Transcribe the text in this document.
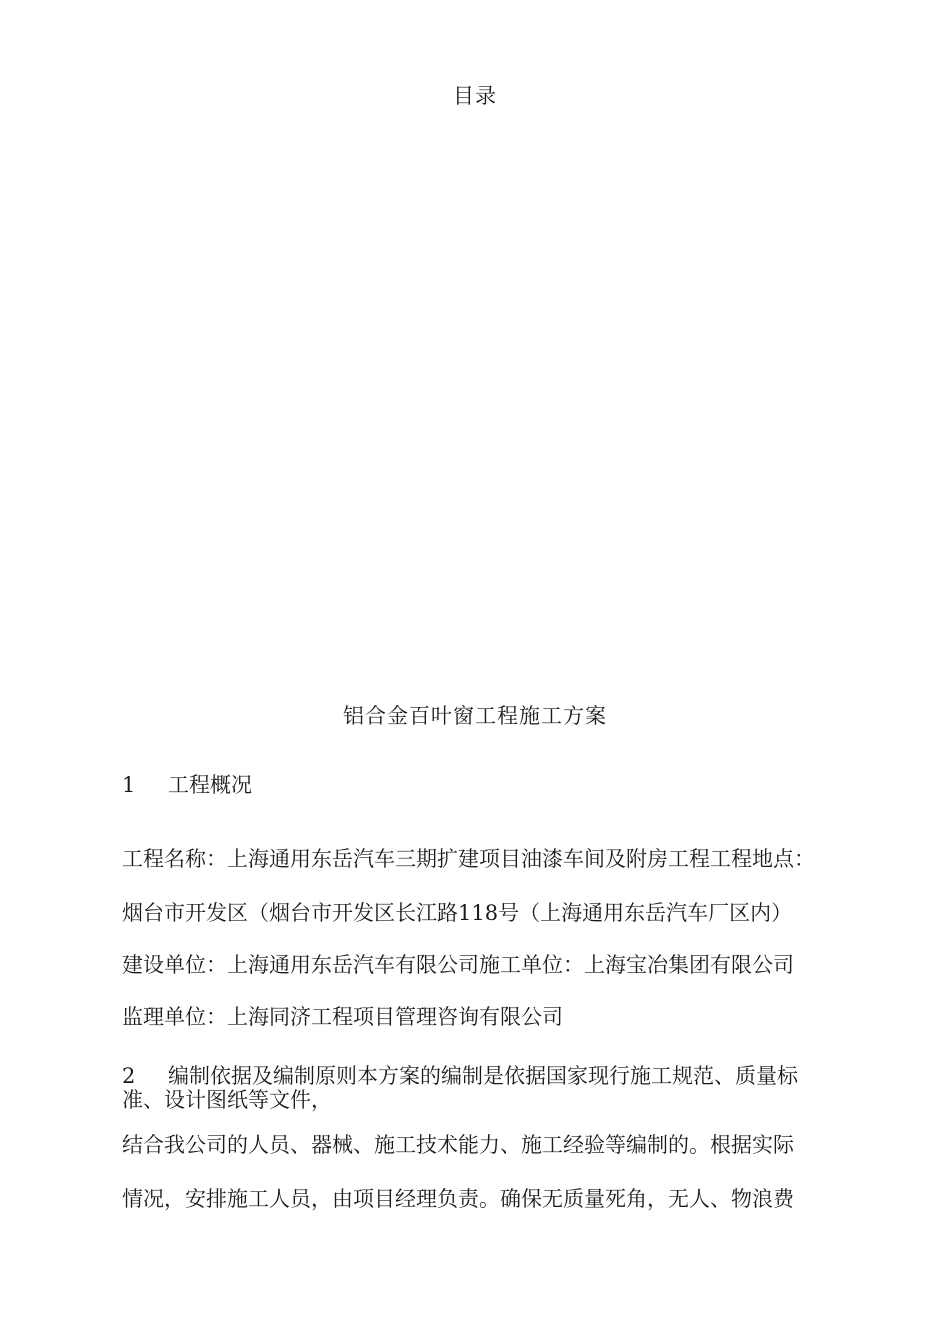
目录
铝合金百叶窗工程施工方案
1 工程概况
工程名称：上海通用东岳汽车三期扩建项目油漆车间及附房工程工程地点：
烟台市开发区（烟台市开发区长江路118号（上海通用东岳汽车厂区内）
建设单位：上海通用东岳汽车有限公司施工单位：上海宝冶集团有限公司
监理单位：上海同济工程项目管理咨询有限公司
2 编制依据及编制原则本方案的编制是依据国家现行施工规范、质量标准、设计图纸等文件，
结合我公司的人员、器械、施工技术能力、施工经验等编制的。根据实际
情况，安排施工人员，由项目经理负责。确保无质量死角，无人、物浪费
